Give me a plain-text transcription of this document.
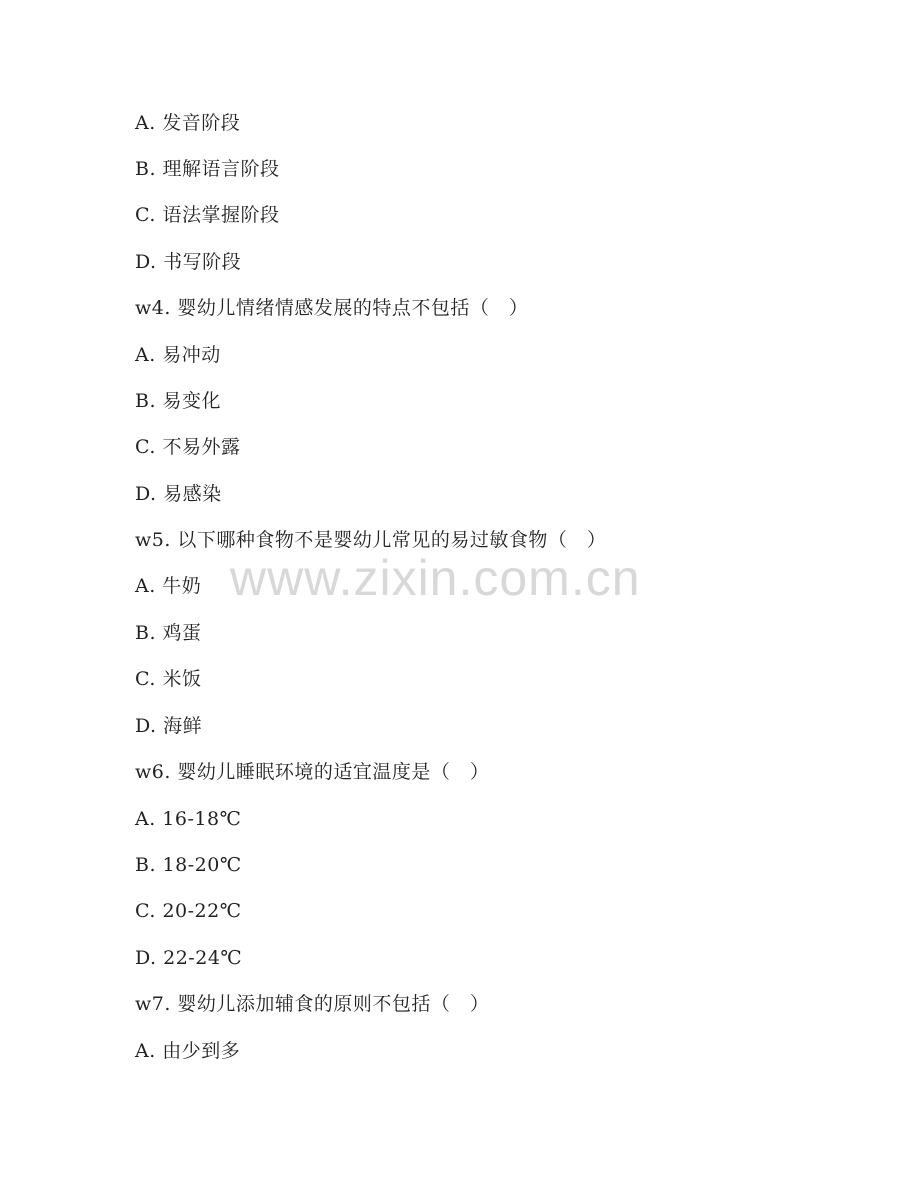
www.zixin.com.cn
A. 发音阶段
B. 理解语言阶段
C. 语法掌握阶段
D. 书写阶段
w4. 婴幼儿情绪情感发展的特点不包括（　）
A. 易冲动
B. 易变化
C. 不易外露
D. 易感染
w5. 以下哪种食物不是婴幼儿常见的易过敏食物（　）
A. 牛奶
B. 鸡蛋
C. 米饭
D. 海鲜
w6. 婴幼儿睡眠环境的适宜温度是（　）
A. 16-18℃
B. 18-20℃
C. 20-22℃
D. 22-24℃
w7. 婴幼儿添加辅食的原则不包括（　）
A. 由少到多
